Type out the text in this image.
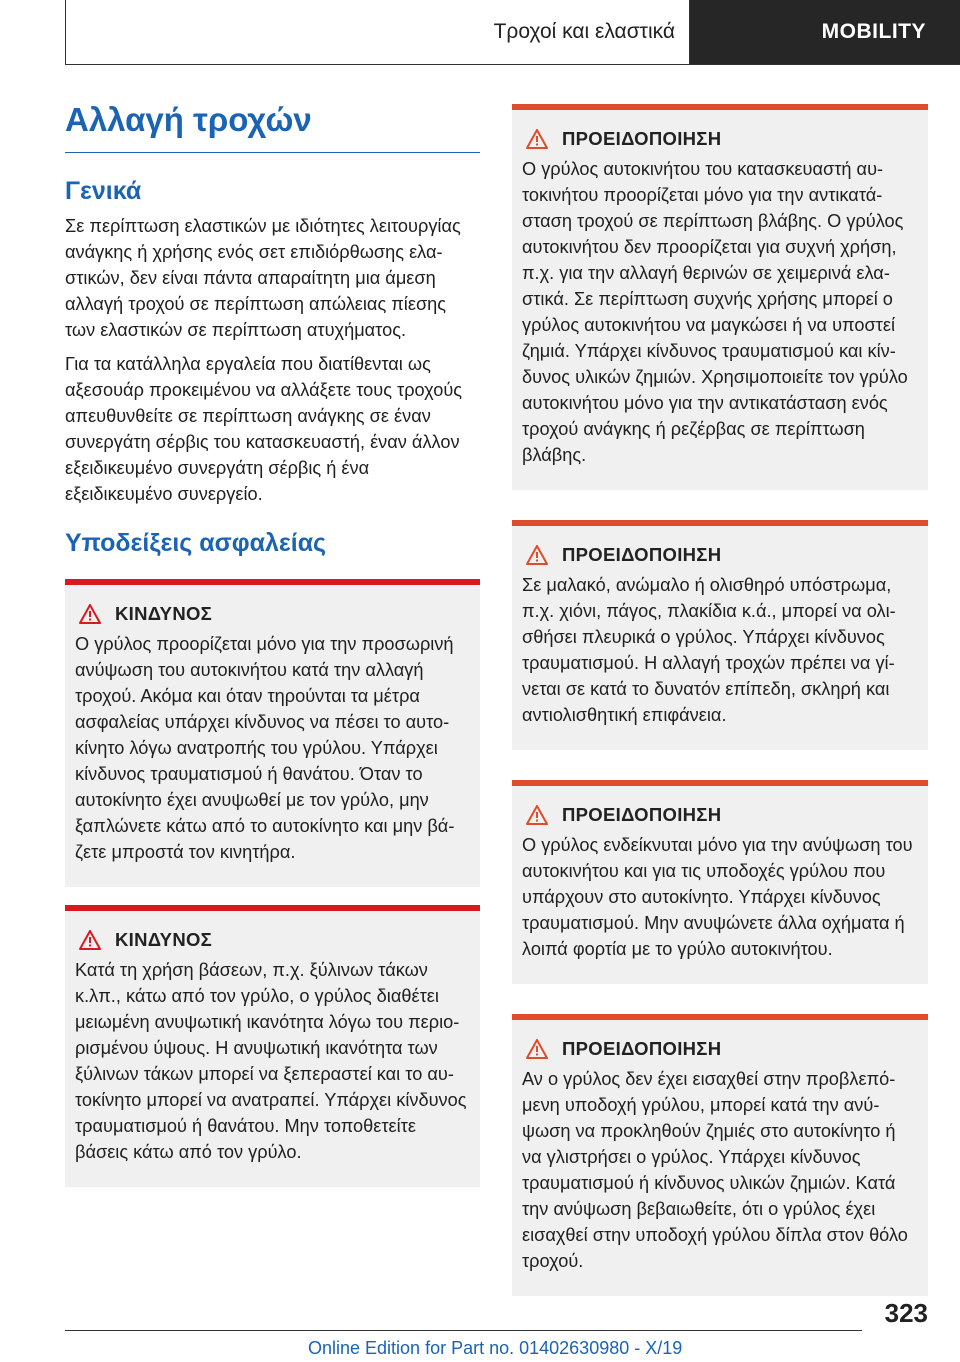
Τροχοί και ελαστικά	MOBILITY
Αλλαγή τροχών
Γενικά

Σε περίπτωση ελαστικών με ιδιότητες λειτουργίας ανάγκης ή χρήσης ενός σετ επιδιόρθωσης ελαστικών, δεν είναι πάντα απαραίτητη μια άμεση αλλαγή τροχού σε περίπτωση απώλειας πίεσης των ελαστικών σε περίπτωση ατυχήματος.

Για τα κατάλληλα εργαλεία που διατίθενται ως αξεσουάρ προκειμένου να αλλάξετε τους τροχούς απευθυνθείτε σε περίπτωση ανάγκης σε έναν συνεργάτη σέρβις του κατασκευαστή, έναν άλλον εξειδικευμένο συνεργάτη σέρβις ή ένα εξειδικευμένο συνεργείο.

Υποδείξεις ασφαλείας
ΚΙΝΔΥΝΟΣ

Ο γρύλος προορίζεται μόνο για την προσωρινή ανύψωση του αυτοκινήτου κατά την αλλαγή τροχού. Ακόμα και όταν τηρούνται τα μέτρα ασφαλείας υπάρχει κίνδυνος να πέσει το αυτοκίνητο λόγω ανατροπής του γρύλου. Υπάρχει κίνδυνος τραυματισμού ή θανάτου. Όταν το αυτοκίνητο έχει ανυψωθεί με τον γρύλο, μην ξαπλώνετε κάτω από το αυτοκίνητο και μην βάζετε μπροστά τον κινητήρα.

ΚΙΝΔΥΝΟΣ

Κατά τη χρήση βάσεων, π.χ. ξύλινων τάκων κ.λπ., κάτω από τον γρύλο, ο γρύλος διαθέτει μειωμένη ανυψωτική ικανότητα λόγω του περιορισμένου ύψους. Η ανυψωτική ικανότητα των ξύλινων τάκων μπορεί να ξεπεραστεί και το αυτοκίνητο μπορεί να ανατραπεί. Υπάρχει κίνδυνος τραυματισμού ή θανάτου. Μην τοποθετείτε βάσεις κάτω από τον γρύλο.

ΠΡΟΕΙΔΟΠΟΙΗΣΗ

Ο γρύλος αυτοκινήτου του κατασκευαστή αυτοκινήτου προορίζεται μόνο για την αντικατάσταση τροχού σε περίπτωση βλάβης. Ο γρύλος αυτοκινήτου δεν προορίζεται για συχνή χρήση, π.χ. για την αλλαγή θερινών σε χειμερινά ελαστικά. Σε περίπτωση συχνής χρήσης μπορεί ο γρύλος αυτοκινήτου να μαγκώσει ή να υποστεί ζημιά. Υπάρχει κίνδυνος τραυματισμού και κίνδυνος υλικών ζημιών. Χρησιμοποιείτε τον γρύλο αυτοκινήτου μόνο για την αντικατάσταση ενός τροχού ανάγκης ή ρεζέρβας σε περίπτωση βλάβης.

ΠΡΟΕΙΔΟΠΟΙΗΣΗ

Σε μαλακό, ανώμαλο ή ολισθηρό υπόστρωμα, π.χ. χιόνι, πάγος, πλακίδια κ.ά., μπορεί να ολισθήσει πλευρικά ο γρύλος. Υπάρχει κίνδυνος τραυματισμού. Η αλλαγή τροχών πρέπει να γίνεται σε κατά το δυνατόν επίπεδη, σκληρή και αντιολισθητική επιφάνεια.

ΠΡΟΕΙΔΟΠΟΙΗΣΗ

Ο γρύλος ενδείκνυται μόνο για την ανύψωση του αυτοκινήτου και για τις υποδοχές γρύλου που υπάρχουν στο αυτοκίνητο. Υπάρχει κίνδυνος τραυματισμού. Μην ανυψώνετε άλλα οχήματα ή λοιπά φορτία με το γρύλο αυτοκινήτου.

ΠΡΟΕΙΔΟΠΟΙΗΣΗ

Αν ο γρύλος δεν έχει εισαχθεί στην προβλεπόμενη υποδοχή γρύλου, μπορεί κατά την ανύψωση να προκληθούν ζημιές στο αυτοκίνητο ή να γλιστρήσει ο γρύλος. Υπάρχει κίνδυνος τραυματισμού ή κίνδυνος υλικών ζημιών. Κατά την ανύψωση βεβαιωθείτε, ότι ο γρύλος έχει εισαχθεί στην υποδοχή γρύλου δίπλα στον θόλο τροχού.

323
Online Edition for Part no. 01402630980 - X/19
